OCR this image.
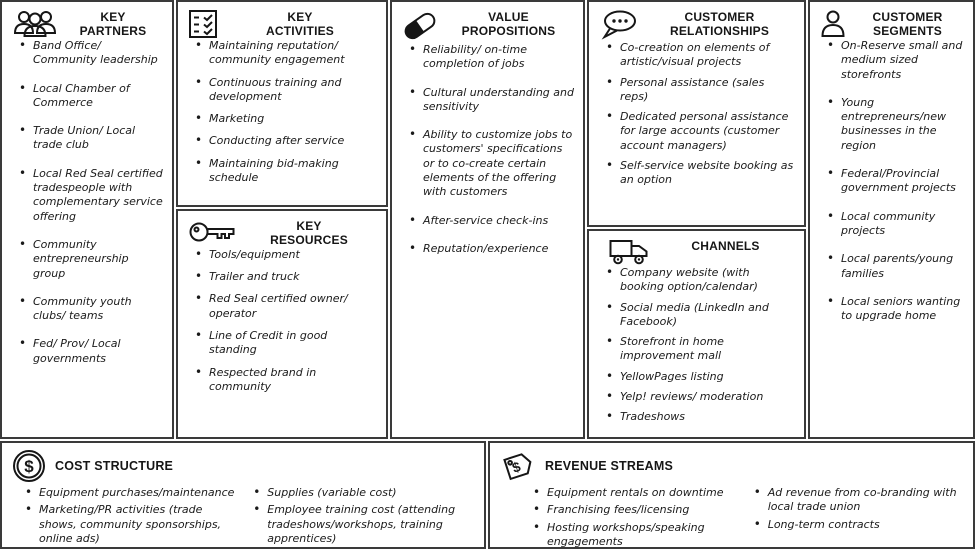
KEY PARTNERS
• Band Office/ Community leadership
• Local Chamber of Commerce
• Trade Union/ Local trade club
• Local Red Seal certified tradespeople with complementary service offering
• Community entrepreneurship group
• Community youth clubs/ teams
• Fed/ Prov/ Local governments
KEY ACTIVITIES
• Maintaining reputation/ community engagement
• Continuous training and development
• Marketing
• Conducting after service
• Maintaining bid-making schedule
KEY RESOURCES
• Tools/equipment
• Trailer and truck
• Red Seal certified owner/ operator
• Line of Credit in good standing
• Respected brand in community
VALUE PROPOSITIONS
• Reliability/ on-time completion of jobs
• Cultural understanding and sensitivity
• Ability to customize jobs to customers' specifications or to co-create certain elements of the offering with customers
• After-service check-ins
• Reputation/experience
CUSTOMER RELATIONSHIPS
• Co-creation on elements of artistic/visual projects
• Personal assistance (sales reps)
• Dedicated personal assistance for large accounts (customer account managers)
• Self-service website booking as an option
CHANNELS
• Company website (with booking option/calendar)
• Social media (LinkedIn and Facebook)
• Storefront in home improvement mall
• YellowPages listing
• Yelp! reviews/ moderation
• Tradeshows
CUSTOMER SEGMENTS
• On-Reserve small and medium sized storefronts
• Young entrepreneurs/new businesses in the region
• Federal/Provincial government projects
• Local community projects
• Local parents/young families
• Local seniors wanting to upgrade home
$ COST STRUCTURE
• Equipment purchases/maintenance
• Marketing/PR activities (trade shows, community sponsorships, online ads)
• Supplies (variable cost)
• Employee training cost (attending tradeshows/workshops, training apprentices)
$ REVENUE STREAMS
• Equipment rentals on downtime
• Franchising fees/licensing
• Hosting workshops/speaking engagements
• Ad revenue from co-branding with local trade union
• Long-term contracts
